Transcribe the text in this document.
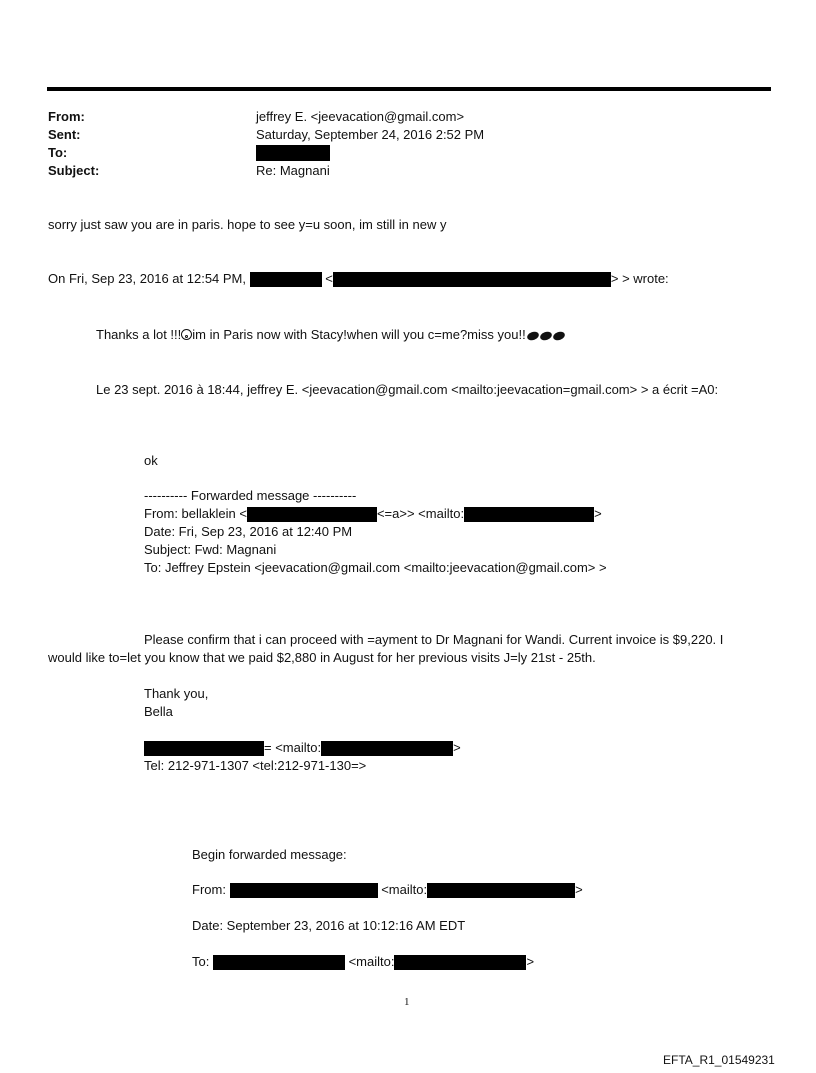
From:	jeffrey E. <jeevacation@gmail.com>
Sent:	Saturday, September 24, 2016 2:52 PM
To:
Subject:	Re: Magnani
sorry just saw you are in paris. hope to see y=u soon, im still in new y
On Fri, Sep 23, 2016 at 12:54 PM,	<	> > wrote:
Thanks a lot !!! im in Paris now with Stacy!when will you c=me?miss you!!
Le 23 sept. 2016 à 18:44, jeffrey E. <jeevacation@gmail.com <mailto:jeevacation=gmail.com> > a écrit =A0:
ok
---------- Forwarded message ----------
From: bellaklein <	<=a>> <mailto:	>
Date: Fri, Sep 23, 2016 at 12:40 PM
Subject: Fwd: Magnani
To: Jeffrey Epstein <jeevacation@gmail.com <mailto:jeevacation@gmail.com> >
Please confirm that i can proceed with =ayment to Dr Magnani for Wandi. Current invoice is $9,220. I
would like to=let you know that we paid $2,880 in August for her previous visits J=ly 21st - 25th.
Thank you,
Bella
= <mailto:	>
Tel: 212-971-1307 <tel:212-971-130=>
Begin forwarded message:
From:	<mailto:	>
Date: September 23, 2016 at 10:12:16 AM EDT
To:	<mailto:	>
1
EFTA_R1_01549231
